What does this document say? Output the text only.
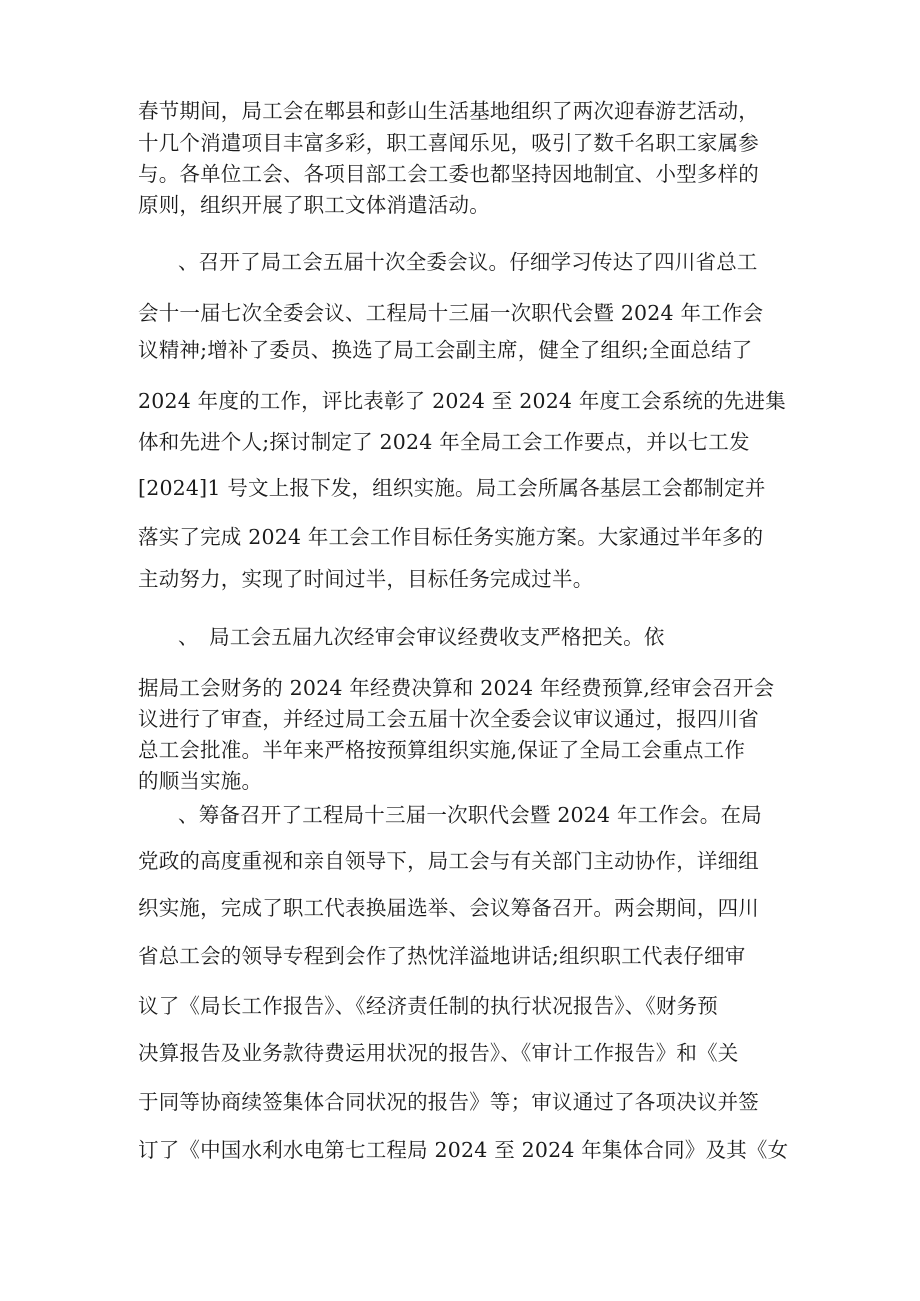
春节期间，局工会在郫县和彭山生活基地组织了两次迎春游艺活动，
十几个消遣项目丰富多彩，职工喜闻乐见，吸引了数千名职工家属参
与。各单位工会、各项目部工会工委也都坚持因地制宜、小型多样的
原则，组织开展了职工文体消遣活动。
、召开了局工会五届十次全委会议。仔细学习传达了四川省总工
会十一届七次全委会议、工程局十三届一次职代会暨 2024 年工作会
议精神;增补了委员、换选了局工会副主席，健全了组织;全面总结了
2024 年度的工作，评比表彰了 2024 至 2024 年度工会系统的先进集
体和先进个人;探讨制定了 2024 年全局工会工作要点，并以七工发
[2024]1 号文上报下发，组织实施。局工会所属各基层工会都制定并
落实了完成 2024 年工会工作目标任务实施方案。大家通过半年多的
主动努力，实现了时间过半，目标任务完成过半。
、　局工会五届九次经审会审议经费收支严格把关。依
据局工会财务的 2024 年经费决算和 2024 年经费预算,经审会召开会
议进行了审查，并经过局工会五届十次全委会议审议通过，报四川省
总工会批准。半年来严格按预算组织实施,保证了全局工会重点工作
的顺当实施。
、筹备召开了工程局十三届一次职代会暨 2024 年工作会。在局
党政的高度重视和亲自领导下，局工会与有关部门主动协作，详细组
织实施，完成了职工代表换届选举、会议筹备召开。两会期间，四川
省总工会的领导专程到会作了热忱洋溢地讲话;组织职工代表仔细审
议了《局长工作报告》、《经济责任制的执行状况报告》、《财务预
决算报告及业务款待费运用状况的报告》、《审计工作报告》和《关
于同等协商续签集体合同状况的报告》等；审议通过了各项决议并签
订了《中国水利水电第七工程局 2024 至 2024 年集体合同》及其《女
